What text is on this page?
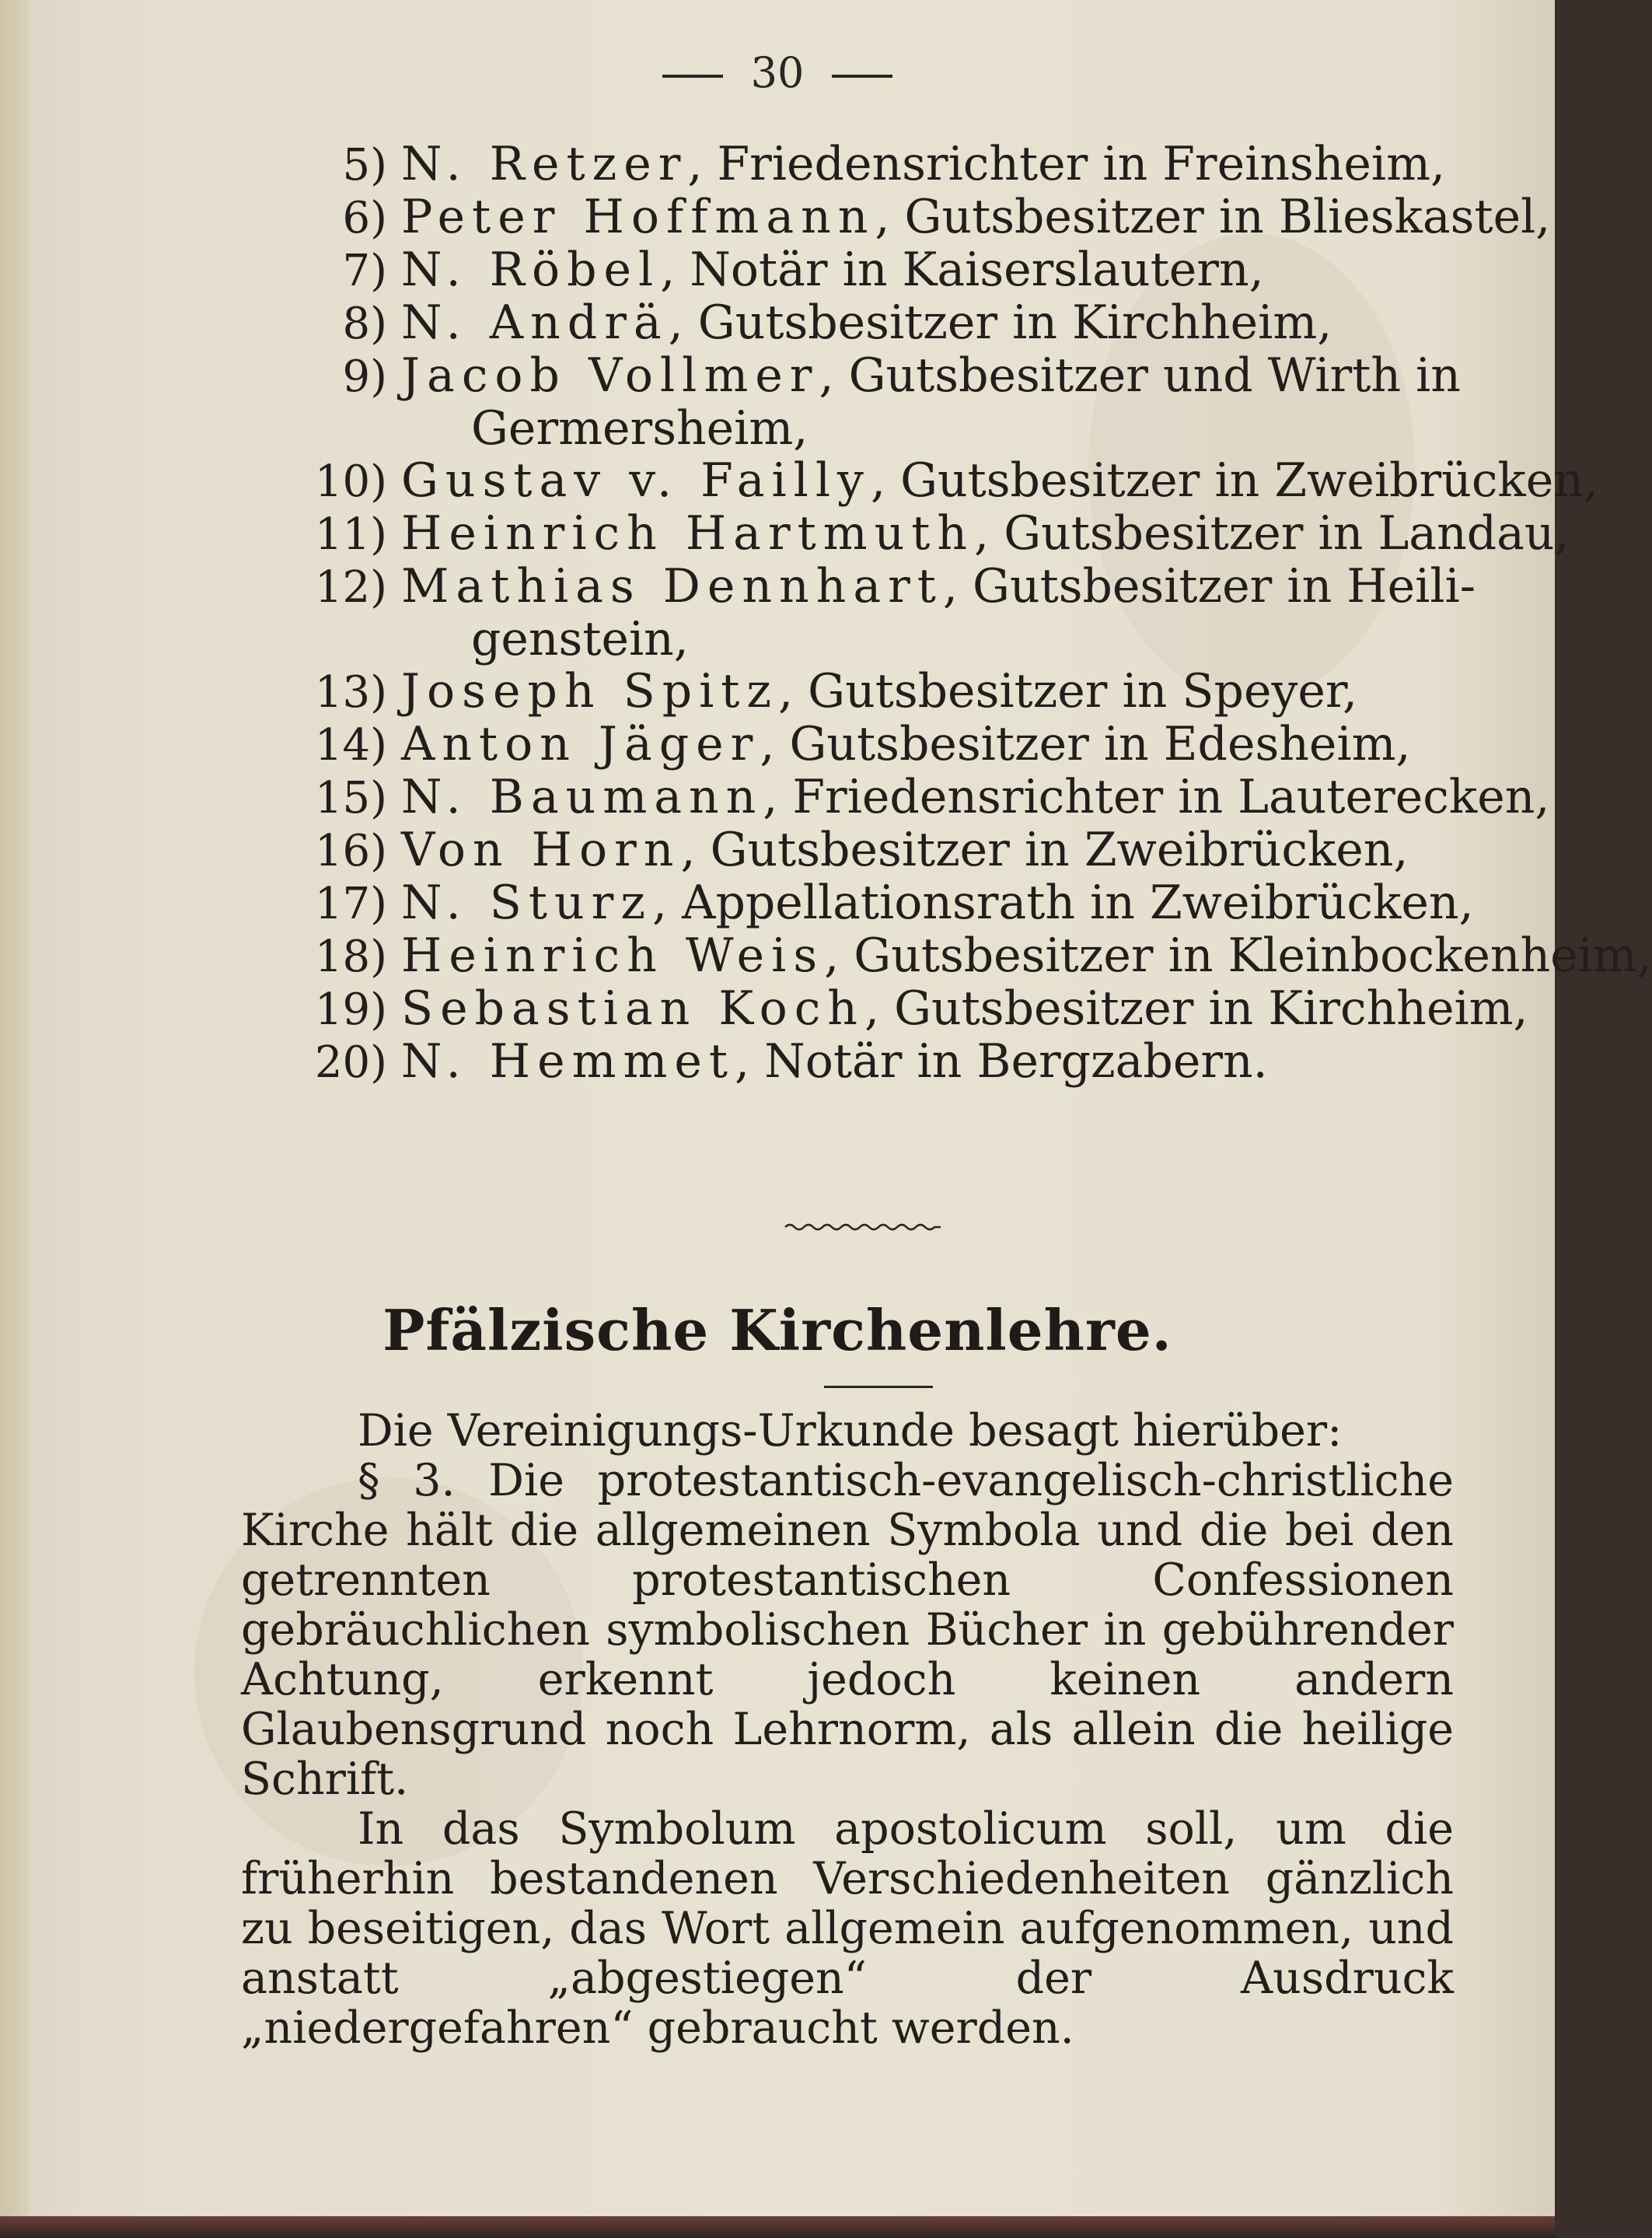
30
5) N. Retzer, Friedensrichter in Freinsheim,
6) Peter Hoffmann, Gutsbesitzer in Blieskastel,
7) N. Röbel, Notär in Kaiserslautern,
8) N. Andrä, Gutsbesitzer in Kirchheim,
9) Jacob Vollmer, Gutsbesitzer und Wirth in
Germersheim,
10) Gustav v. Failly, Gutsbesitzer in Zweibrücken,
11) Heinrich Hartmuth, Gutsbesitzer in Landau,
12) Mathias Dennhart, Gutsbesitzer in Heili-
genstein,
13) Joseph Spitz, Gutsbesitzer in Speyer,
14) Anton Jäger, Gutsbesitzer in Edesheim,
15) N. Baumann, Friedensrichter in Lauterecken,
16) Von Horn, Gutsbesitzer in Zweibrücken,
17) N. Sturz, Appellationsrath in Zweibrücken,
18) Heinrich Weis, Gutsbesitzer in Kleinbockenheim,
19) Sebastian Koch, Gutsbesitzer in Kirchheim,
20) N. Hemmet, Notär in Bergzabern.
Pfälzische Kirchenlehre.

Die Vereinigungs-Urkunde besagt hierüber:

§ 3. Die protestantisch-evangelisch-christliche Kirche hält die allgemeinen Symbola und die bei den getrennten protestantischen Confessionen gebräuchlichen symbolischen Bücher in gebührender Achtung, erkennt jedoch keinen andern Glaubensgrund noch Lehrnorm, als allein die heilige Schrift.

In das Symbolum apostolicum soll, um die früherhin bestandenen Verschiedenheiten gänzlich zu beseitigen, das Wort allgemein aufgenommen, und anstatt „abgestiegen“ der Ausdruck „niedergefahren“ gebraucht werden.
